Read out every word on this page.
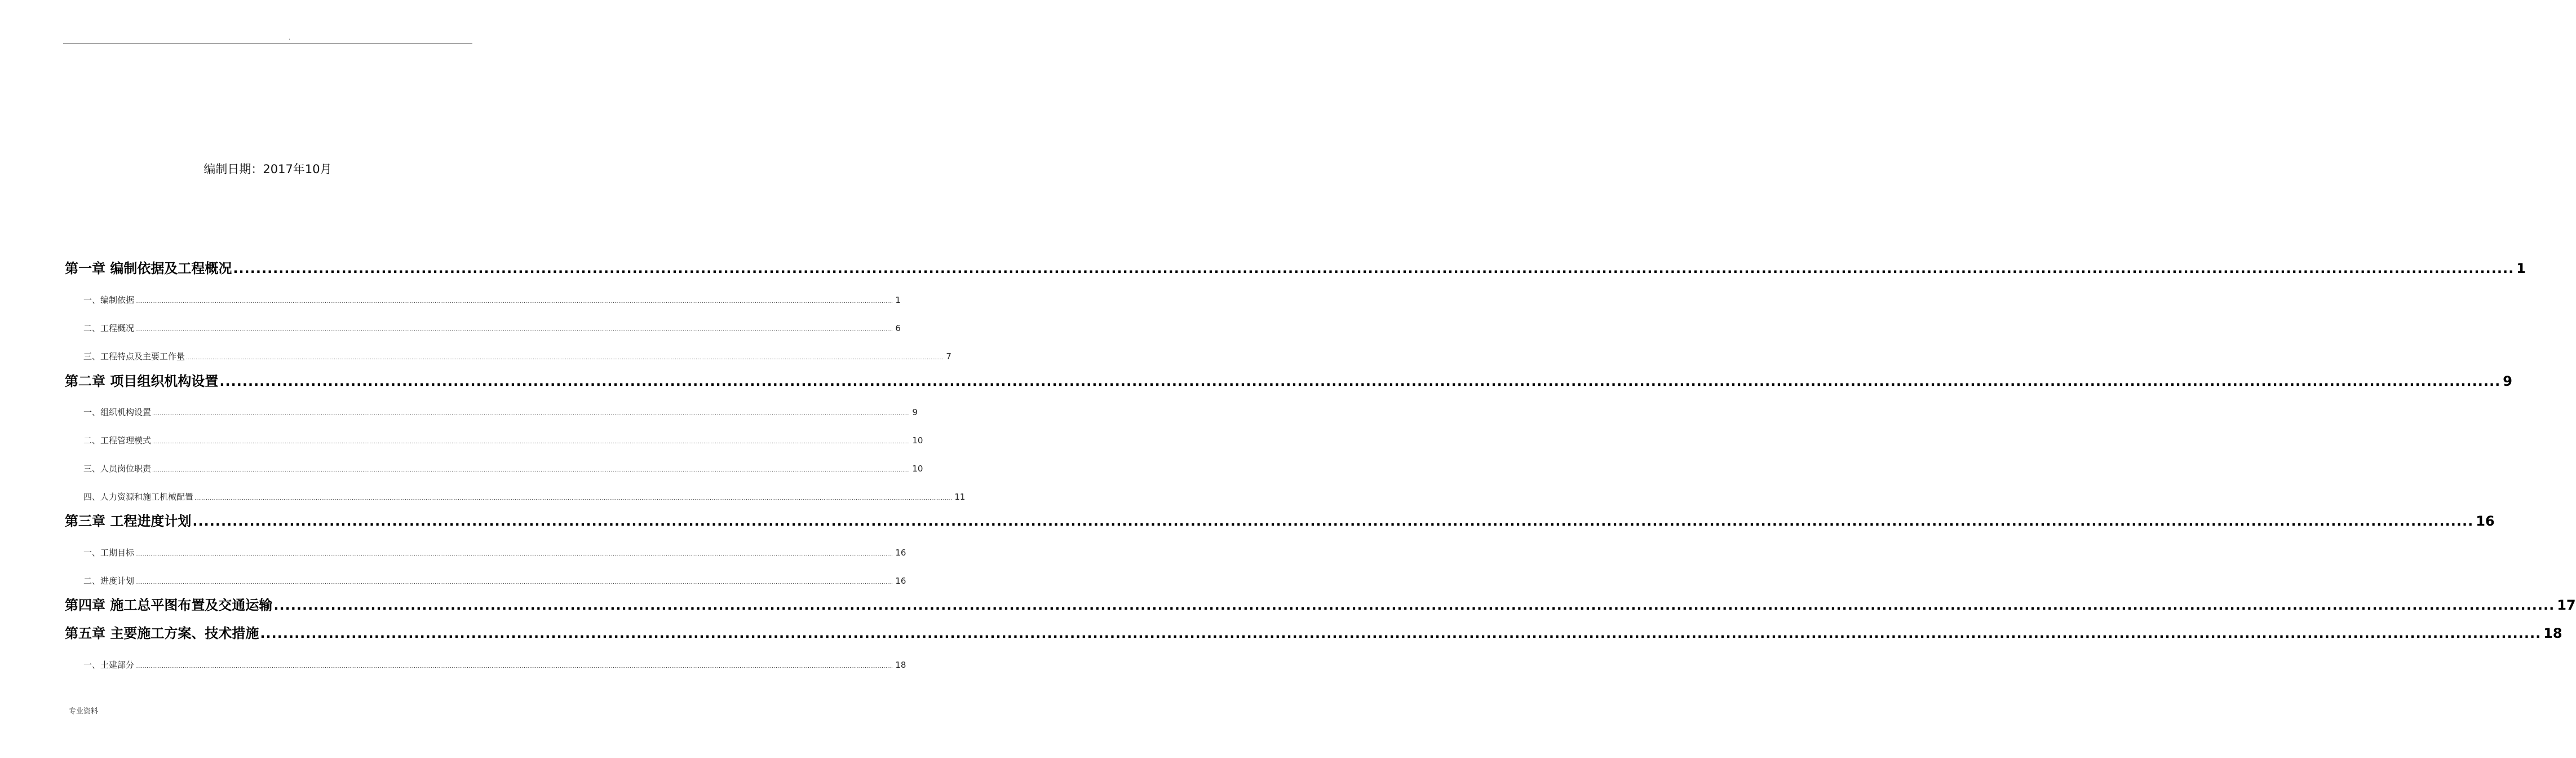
.
编制日期：2017年10月
第一章 编制依据及工程概况 ................................................................................................................................................................................................................................................................................................................................................................................................................ 1
一、编制依据 ................................................................................................................................................................................................................................................................................................................................................................................................................ 1
二、工程概况 ................................................................................................................................................................................................................................................................................................................................................................................................................ 6
三、工程特点及主要工作量 ................................................................................................................................................................................................................................................................................................................................................................................................................ 7
第二章 项目组织机构设置 ................................................................................................................................................................................................................................................................................................................................................................................................................ 9
一、组织机构设置 ................................................................................................................................................................................................................................................................................................................................................................................................................ 9
二、工程管理模式 ................................................................................................................................................................................................................................................................................................................................................................................................................ 10
三、人员岗位职责 ................................................................................................................................................................................................................................................................................................................................................................................................................ 10
四、人力资源和施工机械配置 ................................................................................................................................................................................................................................................................................................................................................................................................................ 11
第三章 工程进度计划 ................................................................................................................................................................................................................................................................................................................................................................................................................ 16
一、工期目标 ................................................................................................................................................................................................................................................................................................................................................................................................................ 16
二、进度计划 ................................................................................................................................................................................................................................................................................................................................................................................................................ 16
第四章 施工总平图布置及交通运输 ................................................................................................................................................................................................................................................................................................................................................................................................................ 17
第五章 主要施工方案、技术措施 ................................................................................................................................................................................................................................................................................................................................................................................................................ 18
一、土建部分 ................................................................................................................................................................................................................................................................................................................................................................................................................ 18
专业资料
